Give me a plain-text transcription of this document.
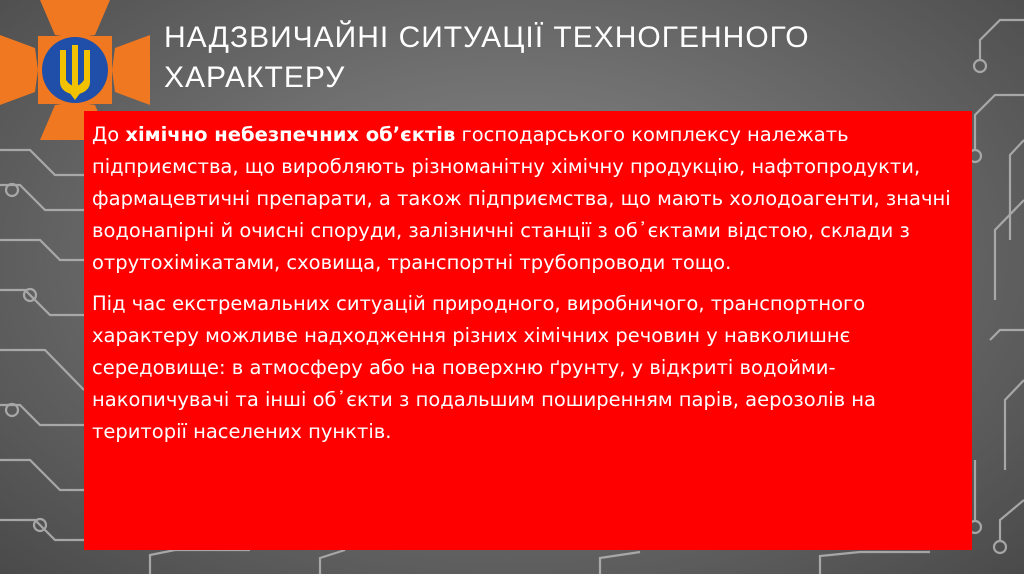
НАДЗВИЧАЙНІ СИТУАЦІЇ ТЕХНОГЕННОГО ХАРАКТЕРУ

До хімічно небезпечних об’єктів господарського комплексу належать підприємства, що виробляють різноманітну хімічну продукцію, нафтопродукти, фармацевтичні препарати, а також підприємства, що мають холодоагенти, значні водонапірні й очисні споруди, залізничні станції з об᾽єктами відстою, склади з отрутохімікатами, сховища, транспортні трубопроводи тощо.

Під час екстремальних ситуацій природного, виробничого, транспортного характеру можливе надходження різних хімічних речовин у навколишнє середовище: в атмосферу або на поверхню ґрунту, у відкриті водойми-накопичувачі та інші об᾽єкти з подальшим поширенням парів, аерозолів на території населених пунктів.
